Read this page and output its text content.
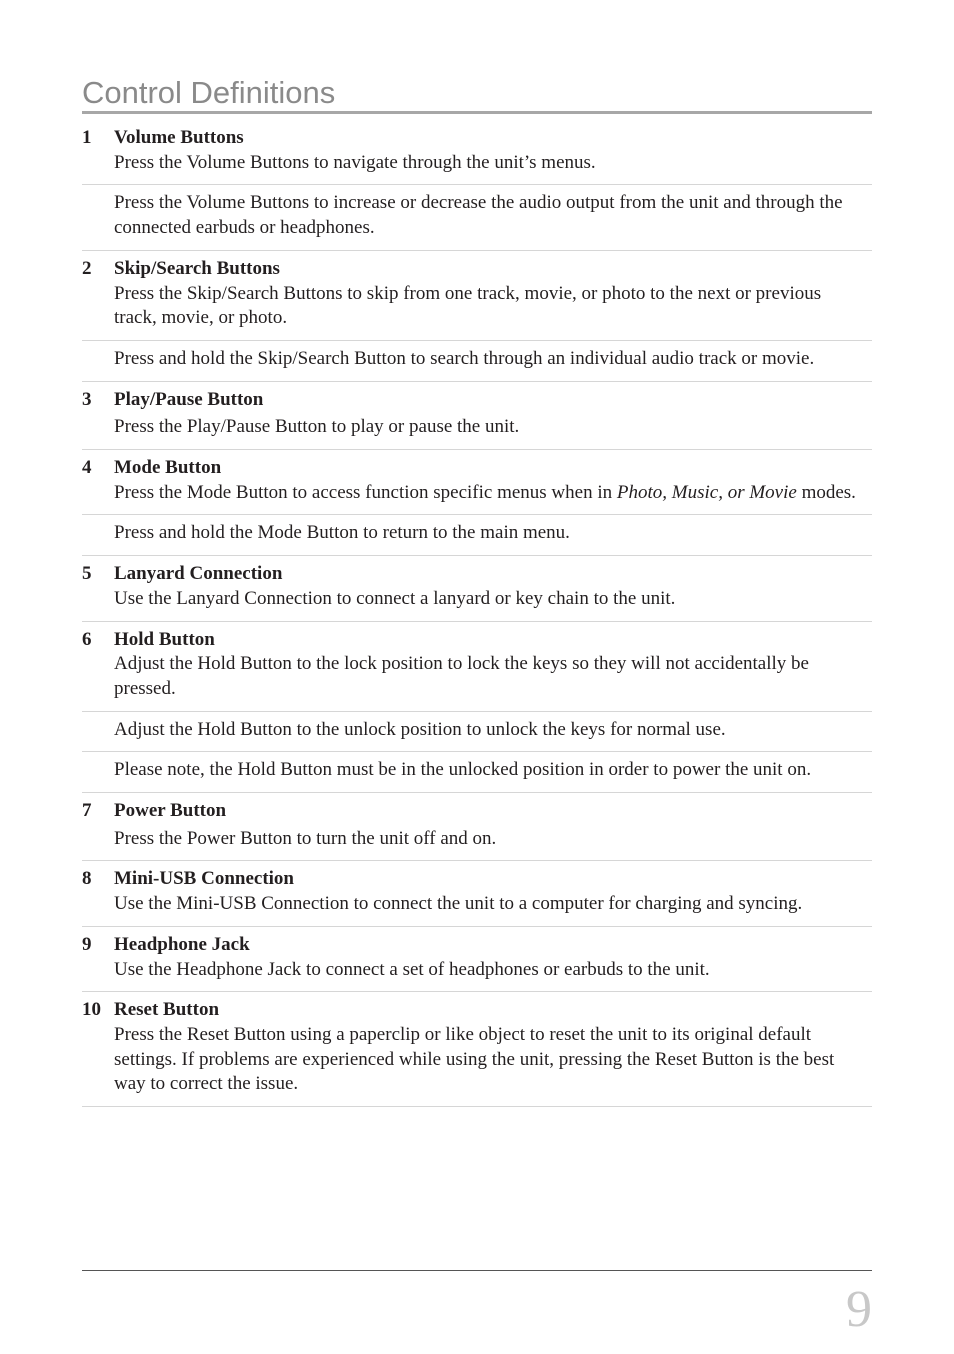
Control Definitions
1 Volume Buttons
Press the Volume Buttons to navigate through the unit’s menus.
Press the Volume Buttons to increase or decrease the audio output from the unit and through the connected earbuds or headphones.
2 Skip/Search Buttons
Press the Skip/Search Buttons to skip from one track, movie, or photo to the next or previous track, movie, or photo.
Press and hold the Skip/Search Button to search through an individual audio track or movie.
3 Play/Pause Button
Press the Play/Pause Button to play or pause the unit.
4 Mode Button
Press the Mode Button to access function specific menus when in Photo, Music, or Movie modes.
Press and hold the Mode Button to return to the main menu.
5 Lanyard Connection
Use the Lanyard Connection to connect a lanyard or key chain to the unit.
6 Hold Button
Adjust the Hold Button to the lock position to lock the keys so they will not accidentally be pressed.
Adjust the Hold Button to the unlock position to unlock the keys for normal use.
Please note, the Hold Button must be in the unlocked position in order to power the unit on.
7 Power Button
Press the Power Button to turn the unit off and on.
8 Mini-USB Connection
Use the Mini-USB Connection to connect the unit to a computer for charging and syncing.
9 Headphone Jack
Use the Headphone Jack to connect a set of headphones or earbuds to the unit.
10 Reset Button
Press the Reset Button using a paperclip or like object to reset the unit to its original default settings. If problems are experienced while using the unit, pressing the Reset Button is the best way to correct the issue.
9
